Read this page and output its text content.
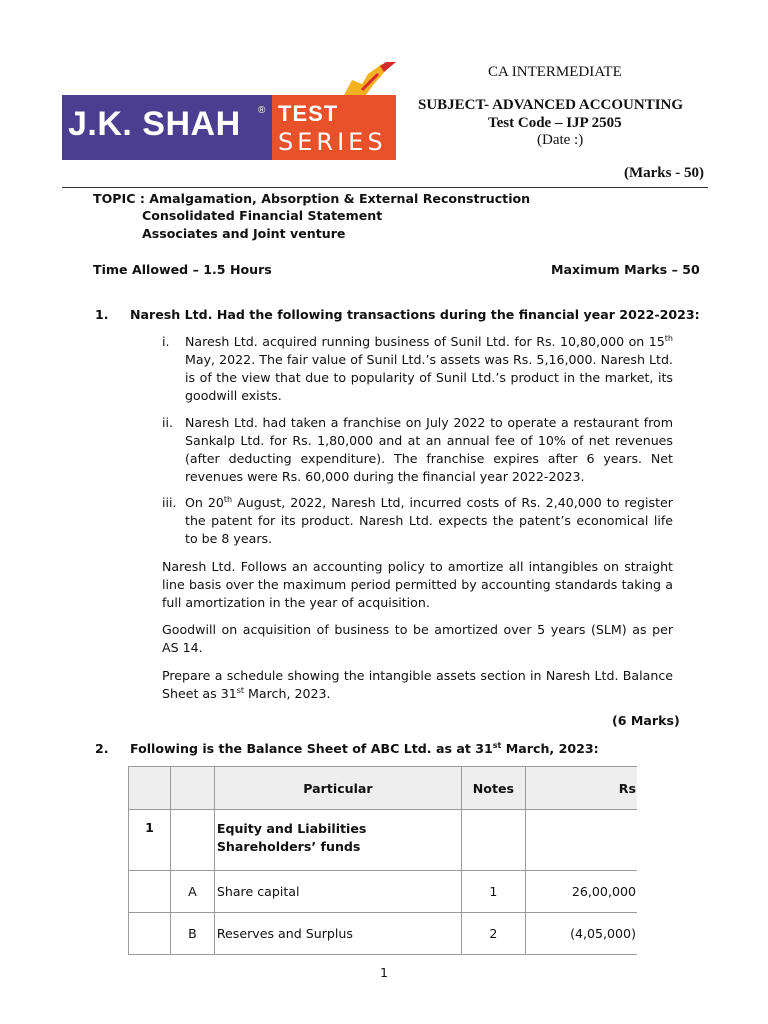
J.K. SHAH ® TEST
SERIES
CA INTERMEDIATE
SUBJECT- ADVANCED ACCOUNTING
Test Code – IJP 2505
(Date :)
(Marks - 50)
TOPIC : Amalgamation, Absorption & External Reconstruction
Consolidated Financial Statement
Associates and Joint venture
Time Allowed – 1.5 Hours	Maximum Marks – 50
1. Naresh Ltd. Had the following transactions during the financial year 2022-2023:
i. Naresh Ltd. acquired running business of Sunil Ltd. for Rs. 10,80,000 on 15th May, 2022. The fair value of Sunil Ltd.’s assets was Rs. 5,16,000. Naresh Ltd. is of the view that due to popularity of Sunil Ltd.’s product in the market, its goodwill exists.
ii. Naresh Ltd. had taken a franchise on July 2022 to operate a restaurant from Sankalp Ltd. for Rs. 1,80,000 and at an annual fee of 10% of net revenues (after deducting expenditure). The franchise expires after 6 years. Net revenues were Rs. 60,000 during the financial year 2022-2023.
iii. On 20th August, 2022, Naresh Ltd, incurred costs of Rs. 2,40,000 to register the patent for its product. Naresh Ltd. expects the patent’s economical life to be 8 years.
Naresh Ltd. Follows an accounting policy to amortize all intangibles on straight line basis over the maximum period permitted by accounting standards taking a full amortization in the year of acquisition.
Goodwill on acquisition of business to be amortized over 5 years (SLM) as per AS 14.
Prepare a schedule showing the intangible assets section in Naresh Ltd. Balance Sheet as 31st March, 2023.
(6 Marks)
2. Following is the Balance Sheet of ABC Ltd. as at 31st March, 2023:
		Particular	Notes	Rs
1		Equity and Liabilities Shareholders’ funds		
	A	Share capital	1	26,00,000
	B	Reserves and Surplus	2	(4,05,000)
1
